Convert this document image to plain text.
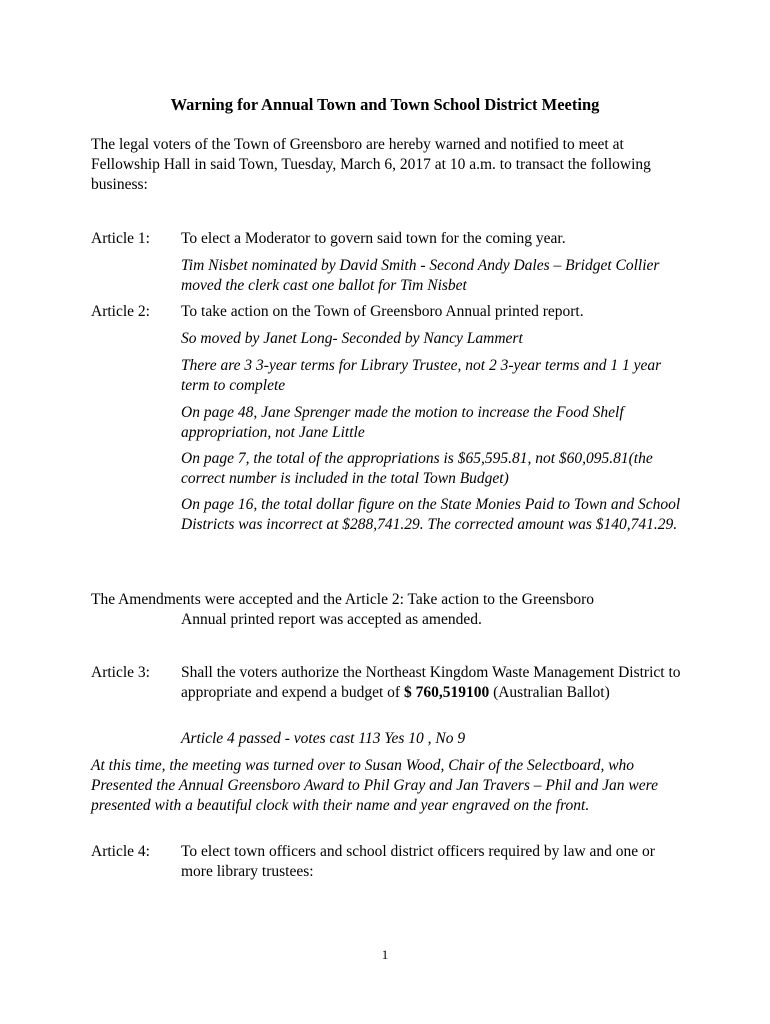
Warning for Annual Town and Town School District Meeting

The legal voters of the Town of Greensboro are hereby warned and notified to meet at Fellowship Hall in said Town, Tuesday, March 6, 2017 at 10 a.m. to transact the following business:

Article 1: To elect a Moderator to govern said town for the coming year.
Tim Nisbet nominated by David Smith - Second Andy Dales – Bridget Collier moved the clerk cast one ballot for Tim Nisbet
Article 2: To take action on the Town of Greensboro Annual printed report.
So moved by Janet Long- Seconded by Nancy Lammert
There are 3 3-year terms for Library Trustee, not 2 3-year terms and 1 1 year term to complete
On page 48, Jane Sprenger made the motion to increase the Food Shelf appropriation, not Jane Little
On page 7, the total of the appropriations is $65,595.81, not $60,095.81(the correct number is included in the total Town Budget)
On page 16, the total dollar figure on the State Monies Paid to Town and School Districts was incorrect at $288,741.29. The corrected amount was $140,741.29.
The Amendments were accepted and the Article 2: Take action to the Greensboro
Annual printed report was accepted as amended.
Article 3: Shall the voters authorize the Northeast Kingdom Waste Management District to appropriate and expend a budget of $ 760,519100 (Australian Ballot)
Article 4 passed - votes cast 113 Yes 10 , No 9
At this time, the meeting was turned over to Susan Wood, Chair of the Selectboard, who Presented the Annual Greensboro Award to Phil Gray and Jan Travers – Phil and Jan were presented with a beautiful clock with their name and year engraved on the front.
Article 4: To elect town officers and school district officers required by law and one or more library trustees:
1
